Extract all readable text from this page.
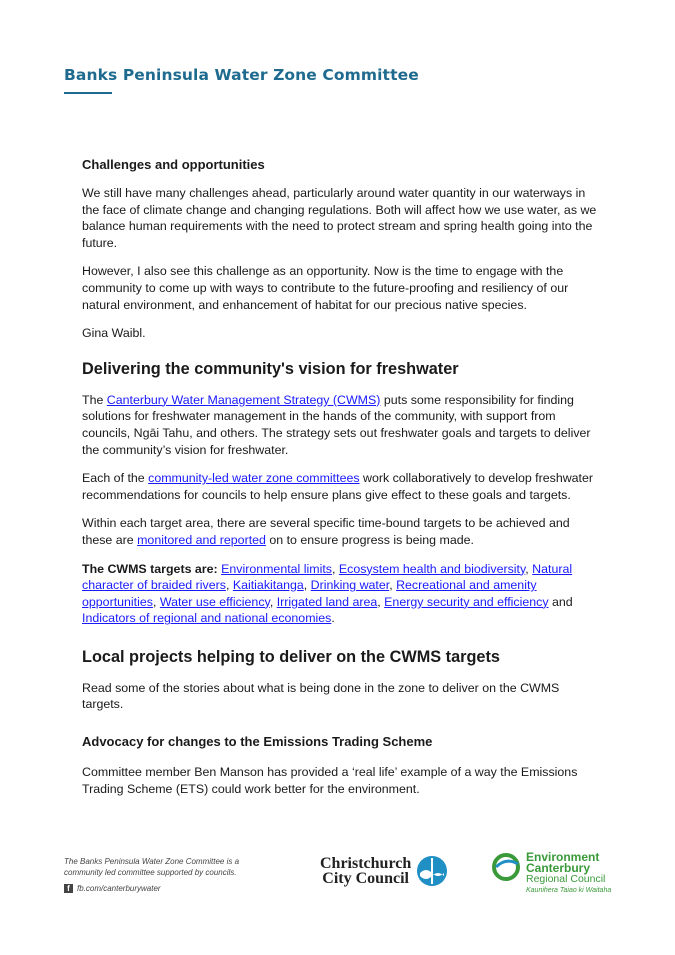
Banks Peninsula Water Zone Committee
Challenges and opportunities

We still have many challenges ahead, particularly around water quantity in our waterways in the face of climate change and changing regulations. Both will affect how we use water, as we balance human requirements with the need to protect stream and spring health going into the future.

However, I also see this challenge as an opportunity. Now is the time to engage with the community to come up with ways to contribute to the future-proofing and resiliency of our natural environment, and enhancement of habitat for our precious native species.

Gina Waibl.

Delivering the community's vision for freshwater

The Canterbury Water Management Strategy (CWMS) puts some responsibility for finding solutions for freshwater management in the hands of the community, with support from councils, Ngāi Tahu, and others. The strategy sets out freshwater goals and targets to deliver the community’s vision for freshwater.

Each of the community-led water zone committees work collaboratively to develop freshwater recommendations for councils to help ensure plans give effect to these goals and targets.

Within each target area, there are several specific time-bound targets to be achieved and these are monitored and reported on to ensure progress is being made.

The CWMS targets are: Environmental limits, Ecosystem health and biodiversity, Natural character of braided rivers, Kaitiakitanga, Drinking water, Recreational and amenity opportunities, Water use efficiency, Irrigated land area, Energy security and efficiency and Indicators of regional and national economies.

Local projects helping to deliver on the CWMS targets

Read some of the stories about what is being done in the zone to deliver on the CWMS targets.

Advocacy for changes to the Emissions Trading Scheme

Committee member Ben Manson has provided a ‘real life’ example of a way the Emissions Trading Scheme (ETS) could work better for the environment.

The Banks Peninsula Water Zone Committee is a community led committee supported by councils.
f fb.com/canterburywater
Christchurch
City Council
Environment
Canterbury
Regional Council
Kaunihera Taiao ki Waitaha
